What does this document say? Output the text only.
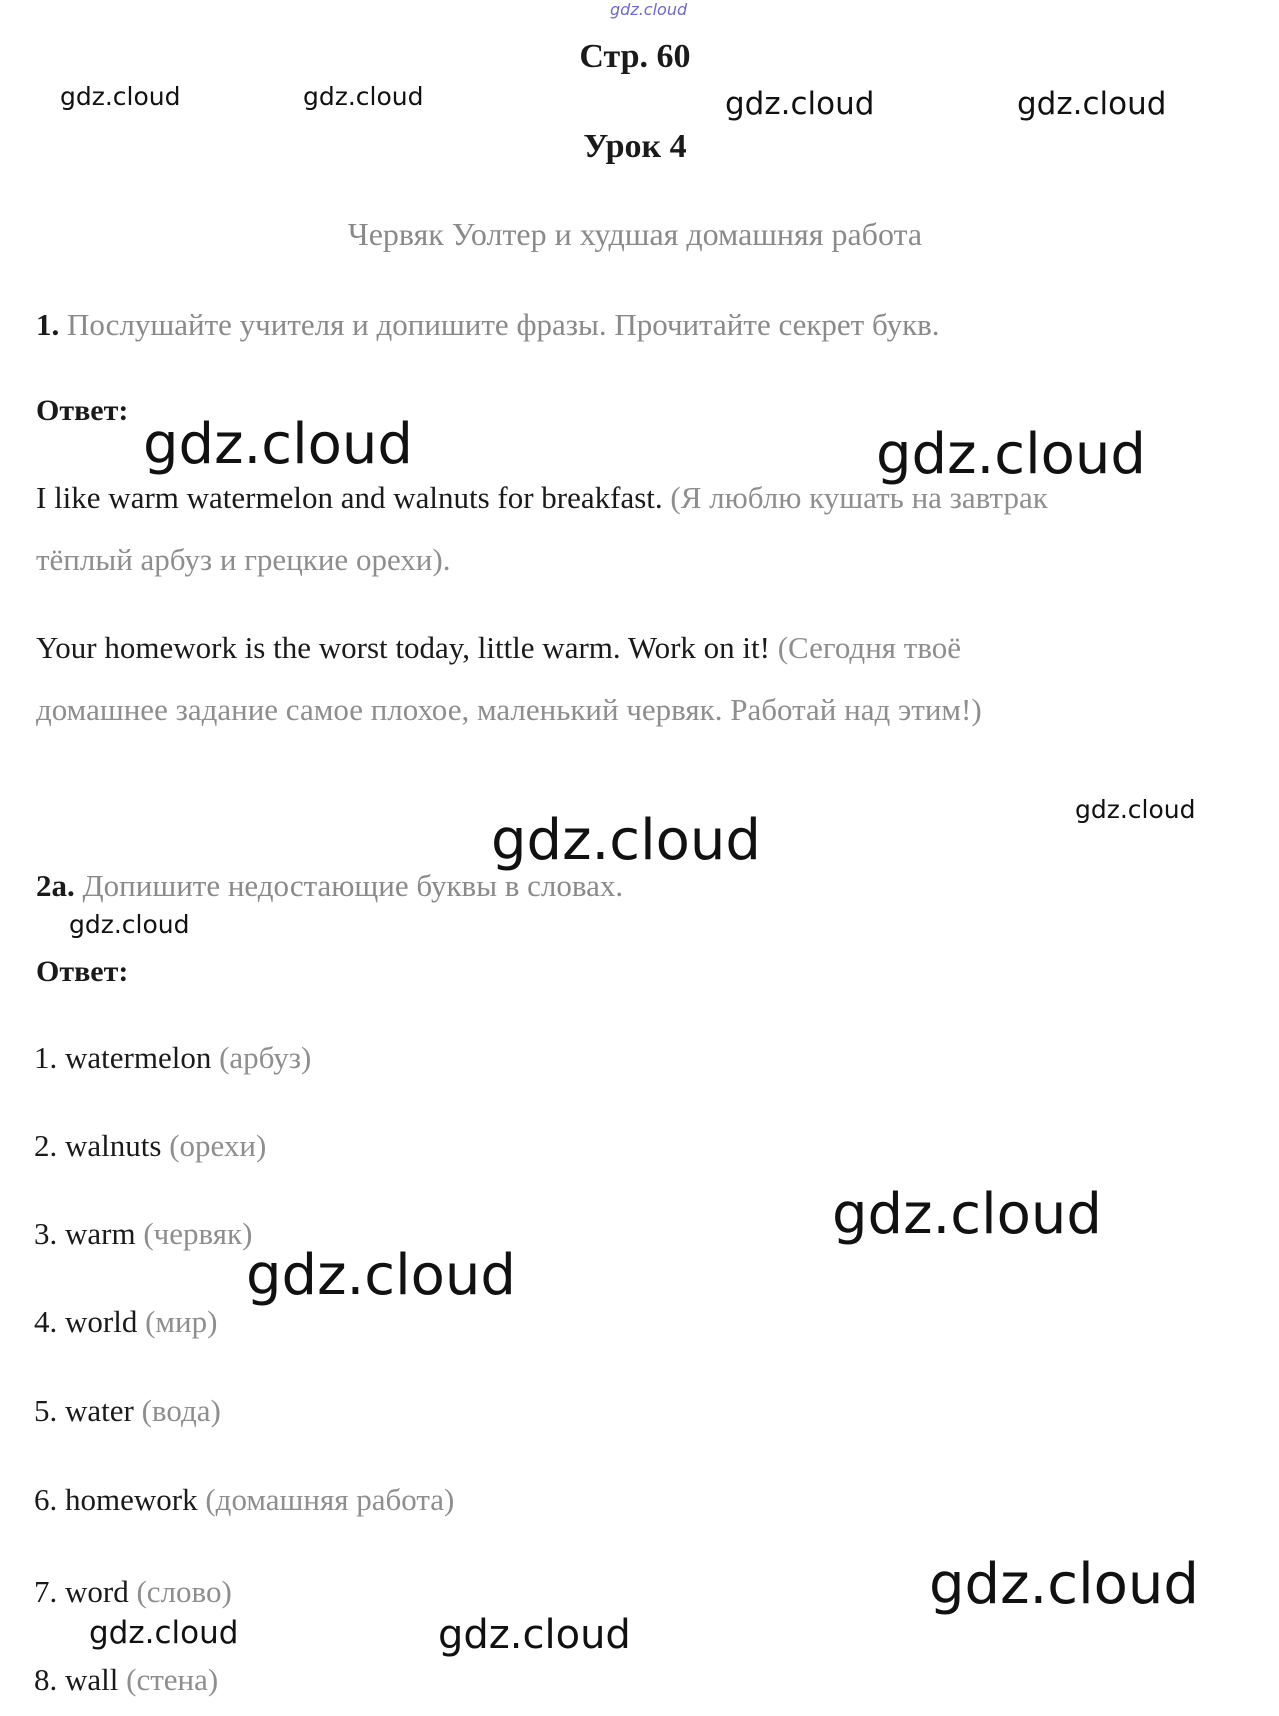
Стр. 60
Урок 4
Червяк Уолтер и худшая домашняя работа
1. Послушайте учителя и допишите фразы. Прочитайте секрет букв.
Ответ:
I like warm watermelon and walnuts for breakfast. (Я люблю кушать на завтрак
тёплый арбуз и грецкие орехи).
Your homework is the worst today, little warm. Work on it! (Сегодня твоё
домашнее задание самое плохое, маленький червяк. Работай над этим!)
2a. Допишите недостающие буквы в словах.
Ответ:
1. watermelon (арбуз)
2. walnuts (орехи)
3. warm (червяк)
4. world (мир)
5. water (вода)
6. homework (домашняя работа)
7. word (слово)
8. wall (стена)
gdz.cloud
gdz.cloud	gdz.cloud	gdz.cloud	gdz.cloud
gdz.cloud	gdz.cloud
gdz.cloud
gdz.cloud
gdz.cloud
gdz.cloud
gdz.cloud
gdz.cloud
gdz.cloud	gdz.cloud
